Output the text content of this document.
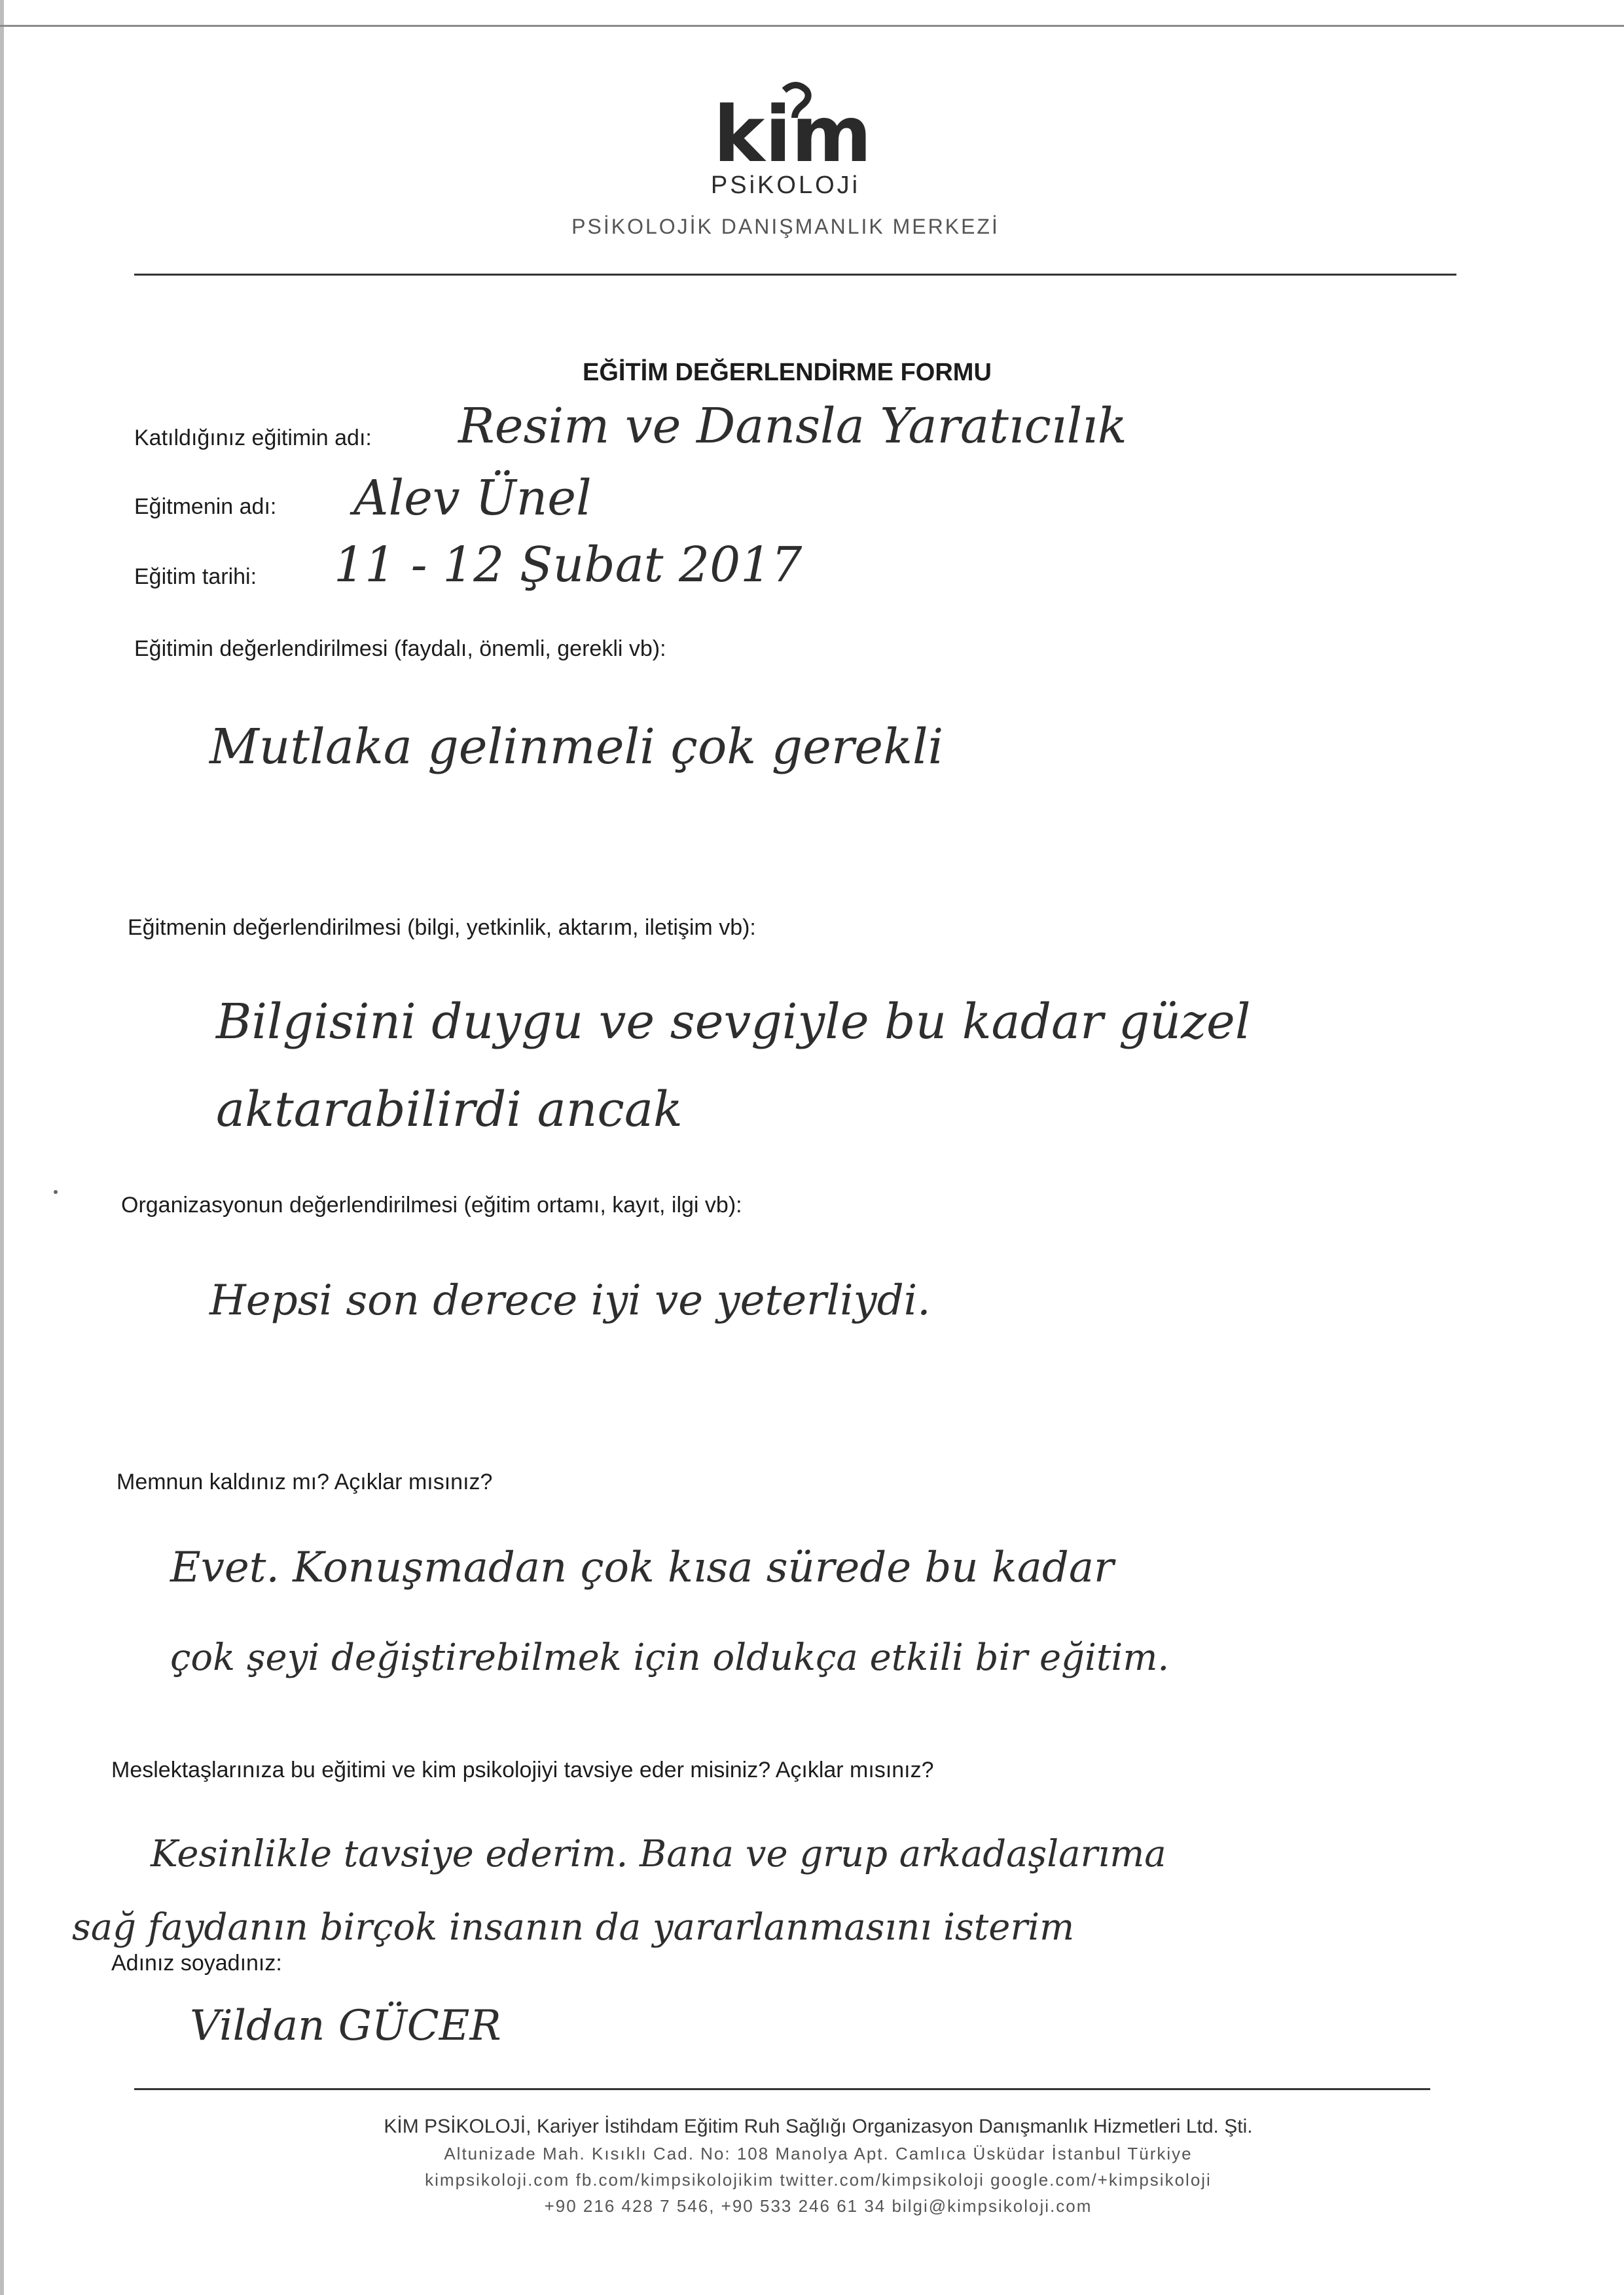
kim
PSiKOLOJi
PSİKOLOJİK DANIŞMANLIK MERKEZİ
EĞİTİM DEĞERLENDİRME FORMU
Katıldığınız eğitimin adı: Resim ve Dansla Yaratıcılık
Eğitmenin adı: Alev Ünel
Eğitim tarihi: 11 - 12 Şubat 2017
Eğitimin değerlendirilmesi (faydalı, önemli, gerekli vb):
Mutlaka gelinmeli çok gerekli
Eğitmenin değerlendirilmesi (bilgi, yetkinlik, aktarım, iletişim vb):
Bilgisini duygu ve sevgiyle bu kadar güzel
aktarabilirdi ancak
Organizasyonun değerlendirilmesi (eğitim ortamı, kayıt, ilgi vb):
Hepsi son derece iyi ve yeterliydi.
Memnun kaldınız mı? Açıklar mısınız?
Evet. Konuşmadan çok kısa sürede bu kadar
çok şeyi değiştirebilmek için oldukça etkili bir eğitim.
Meslektaşlarınıza bu eğitimi ve kim psikolojiyi tavsiye eder misiniz? Açıklar mısınız?
Kesinlikle tavsiye ederim. Bana ve grup arkadaşlarıma
sağ faydanın birçok insanın da yararlanmasını isterim
Adınız soyadınız:
Vildan GÜCER
KİM PSİKOLOJİ, Kariyer İstihdam Eğitim Ruh Sağlığı Organizasyon Danışmanlık Hizmetleri Ltd. Şti.
Altunizade Mah. Kısıklı Cad. No: 108 Manolya Apt. Camlıca Üsküdar İstanbul Türkiye
kimpsikoloji.com fb.com/kimpsikolojikim twitter.com/kimpsikoloji google.com/+kimpsikoloji
+90 216 428 7 546, +90 533 246 61 34 bilgi@kimpsikoloji.com
